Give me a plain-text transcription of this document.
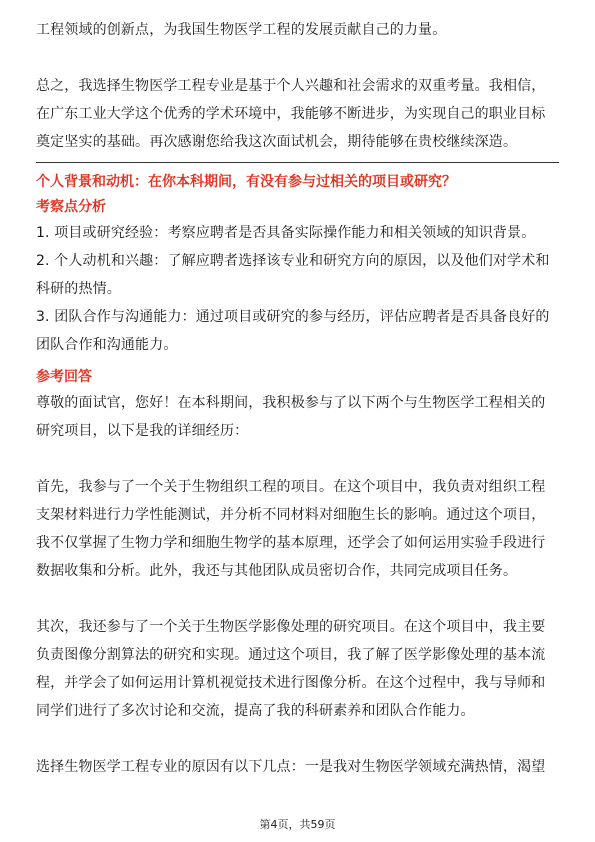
工程领域的创新点，为我国生物医学工程的发展贡献自己的力量。
总之，我选择生物医学工程专业是基于个人兴趣和社会需求的双重考量。我相信，
在广东工业大学这个优秀的学术环境中，我能够不断进步，为实现自己的职业目标
奠定坚实的基础。再次感谢您给我这次面试机会，期待能够在贵校继续深造。
个人背景和动机：在你本科期间，有没有参与过相关的项目或研究？
考察点分析
1. 项目或研究经验：考察应聘者是否具备实际操作能力和相关领域的知识背景。
2. 个人动机和兴趣：了解应聘者选择该专业和研究方向的原因，以及他们对学术和
科研的热情。
3. 团队合作与沟通能力：通过项目或研究的参与经历，评估应聘者是否具备良好的
团队合作和沟通能力。
参考回答
尊敬的面试官，您好！在本科期间，我积极参与了以下两个与生物医学工程相关的
研究项目，以下是我的详细经历：
首先，我参与了一个关于生物组织工程的项目。在这个项目中，我负责对组织工程
支架材料进行力学性能测试，并分析不同材料对细胞生长的影响。通过这个项目，
我不仅掌握了生物力学和细胞生物学的基本原理，还学会了如何运用实验手段进行
数据收集和分析。此外，我还与其他团队成员密切合作，共同完成项目任务。
其次，我还参与了一个关于生物医学影像处理的研究项目。在这个项目中，我主要
负责图像分割算法的研究和实现。通过这个项目，我了解了医学影像处理的基本流
程，并学会了如何运用计算机视觉技术进行图像分析。在这个过程中，我与导师和
同学们进行了多次讨论和交流，提高了我的科研素养和团队合作能力。
选择生物医学工程专业的原因有以下几点：一是我对生物医学领域充满热情，渴望
第4页，共59页
